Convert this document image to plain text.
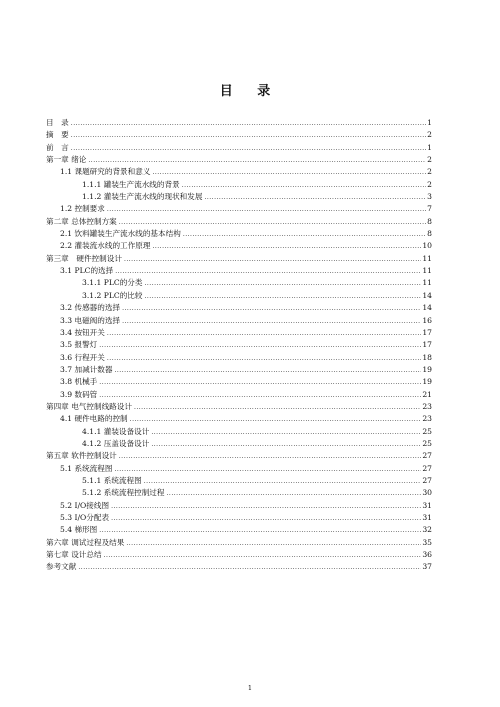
目 录
目　录 .....	1
摘　要 .....	2
前　言 .....	1
第一章 绪论 .....	2
1.1 课题研究的背景和意义 .....	2
1.1.1 罐装生产流水线的背景 .....	2
1.1.2 灌装生产流水线的现状和发展 .....	3
1.2 控制要求 .....	7
第二章 总体控制方案 .....	8
2.1 饮料罐装生产流水线的基本结构 .....	8
2.2 灌装流水线的工作原理 .....	10
第三章　硬件控制设计 .....	11
3.1 PLC的选择 .....	11
3.1.1 PLC的分类 .....	11
3.1.2 PLC的比较 .....	14
3.2 传感器的选择 .....	14
3.3 电磁阀的选择 .....	16
3.4 按钮开关 .....	17
3.5 报警灯 .....	17
3.6 行程开关 .....	18
3.7 加减计数器 .....	19
3.8 机械手 .....	19
3.9 数码管 .....	21
第四章 电气控制线路设计 .....	23
4.1 硬件电路的控制 .....	23
4.1.1 灌装设备设计 .....	25
4.1.2 压盖设备设计 .....	25
第五章 软件控制设计 .....	27
5.1 系统流程图 .....	27
5.1.1 系统流程图 .....	27
5.1.2 系统流程控制过程 .....	30
5.2 I/O接线图 .....	31
5.3 I/O分配表 .....	31
5.4 梯形图 .....	32
第六章 调试过程及结果 .....	35
第七章 设计总结 .....	36
参考文献 .....	37
1
